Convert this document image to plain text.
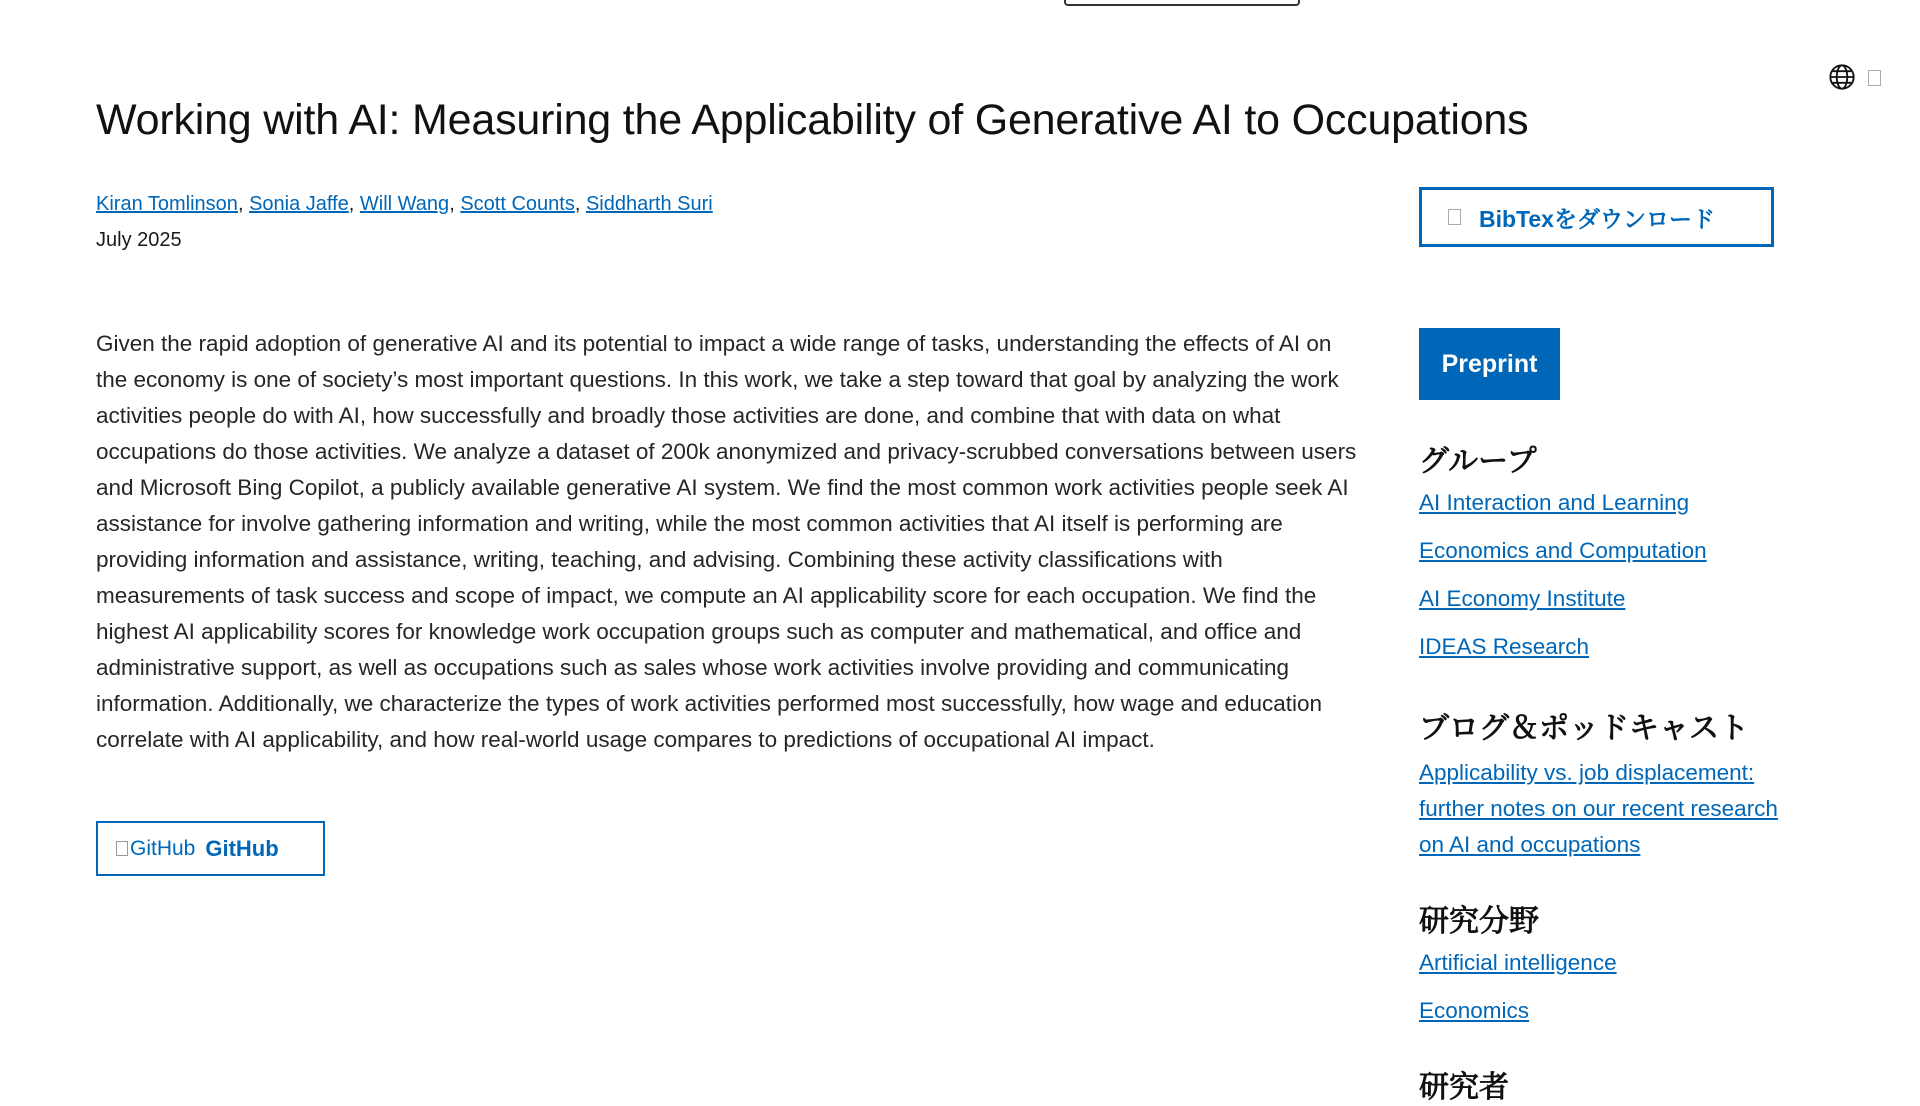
Working with AI: Measuring the Applicability of Generative AI to Occupations
Kiran Tomlinson, Sonia Jaffe, Will Wang, Scott Counts, Siddharth Suri
July 2025

Given the rapid adoption of generative AI and its potential to impact a wide range of tasks, understanding the effects of AI on the economy is one of society’s most important questions. In this work, we take a step toward that goal by analyzing the work activities people do with AI, how successfully and broadly those activities are done, and combine that with data on what occupations do those activities. We analyze a dataset of 200k anonymized and privacy-scrubbed conversations between users and Microsoft Bing Copilot, a publicly available generative AI system. We find the most common work activities people seek AI assistance for involve gathering information and writing, while the most common activities that AI itself is performing are providing information and assistance, writing, teaching, and advising. Combining these activity classifications with measurements of task success and scope of impact, we compute an AI applicability score for each occupation. We find the highest AI applicability scores for knowledge work occupation groups such as computer and mathematical, and office and administrative support, as well as occupations such as sales whose work activities involve providing and communicating information. Additionally, we characterize the types of work activities performed most successfully, how wage and education correlate with AI applicability, and how real-world usage compares to predictions of occupational AI impact.

GitHub GitHub
BibTexをダウンロード
Preprint
グループ
AI Interaction and Learning
Economics and Computation
AI Economy Institute
IDEAS Research
ブログ＆ポッドキャスト
Applicability vs. job displacement: further notes on our recent research on AI and occupations
研究分野
Artificial intelligence
Economics
研究者
